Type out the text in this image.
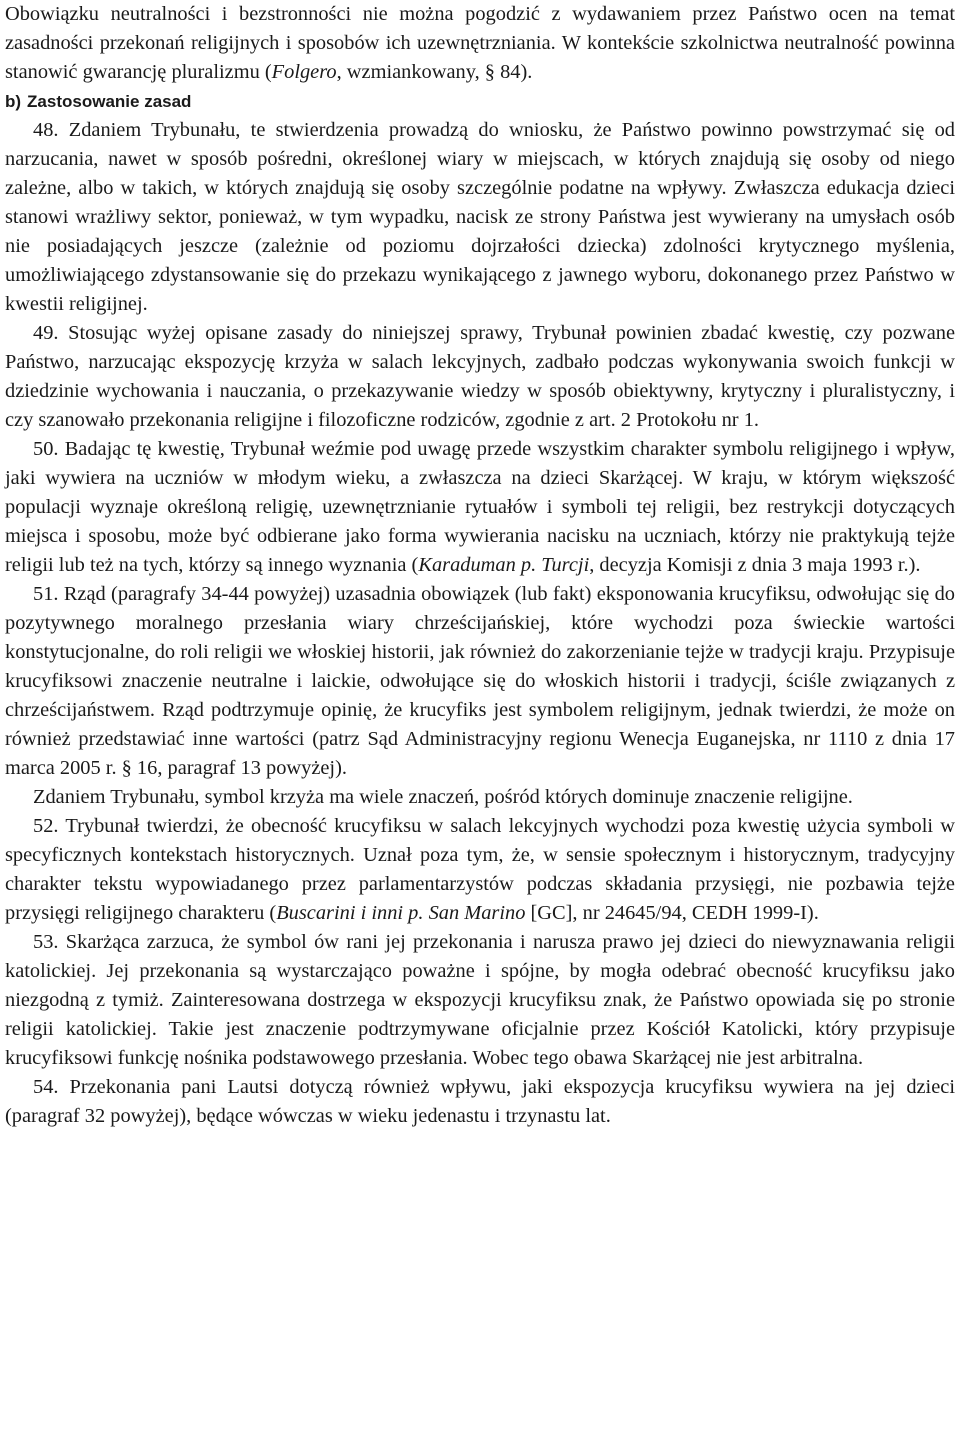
Obowiązku neutralności i bezstronności nie można pogodzić z wydawaniem przez Państwo ocen na temat zasadności przekonań religijnych i sposobów ich uzewnętrzniania. W kontekście szkolnictwa neutralność powinna stanowić gwarancję pluralizmu (Folgero, wzmiankowany, § 84).

b) Zastosowanie zasad

48. Zdaniem Trybunału, te stwierdzenia prowadzą do wniosku, że Państwo powinno powstrzymać się od narzucania, nawet w sposób pośredni, określonej wiary w miejscach, w których znajdują się osoby od niego zależne, albo w takich, w których znajdują się osoby szczególnie podatne na wpływy. Zwłaszcza edukacja dzieci stanowi wrażliwy sektor, ponieważ, w tym wypadku, nacisk ze strony Państwa jest wywierany na umysłach osób nie posiadających jeszcze (zależnie od poziomu dojrzałości dziecka) zdolności krytycznego myślenia, umożliwiającego zdystansowanie się do przekazu wynikającego z jawnego wyboru, dokonanego przez Państwo w kwestii religijnej.

49. Stosując wyżej opisane zasady do niniejszej sprawy, Trybunał powinien zbadać kwestię, czy pozwane Państwo, narzucając ekspozycję krzyża w salach lekcyjnych, zadbało podczas wykonywania swoich funkcji w dziedzinie wychowania i nauczania, o przekazywanie wiedzy w sposób obiektywny, krytyczny i pluralistyczny, i czy szanowało przekonania religijne i filozoficzne rodziców, zgodnie z art. 2 Protokołu nr 1.

50. Badając tę kwestię, Trybunał weźmie pod uwagę przede wszystkim charakter symbolu religijnego i wpływ, jaki wywiera na uczniów w młodym wieku, a zwłaszcza na dzieci Skarżącej. W kraju, w którym większość populacji wyznaje określoną religię, uzewnętrznianie rytuałów i symboli tej religii, bez restrykcji dotyczących miejsca i sposobu, może być odbierane jako forma wywierania nacisku na uczniach, którzy nie praktykują tejże religii lub też na tych, którzy są innego wyznania (Karaduman p. Turcji, decyzja Komisji z dnia 3 maja 1993 r.).

51. Rząd (paragrafy 34-44 powyżej) uzasadnia obowiązek (lub fakt) eksponowania krucyfiksu, odwołując się do pozytywnego moralnego przesłania wiary chrześcijańskiej, które wychodzi poza świeckie wartości konstytucjonalne, do roli religii we włoskiej historii, jak również do zakorzenianie tejże w tradycji kraju. Przypisuje krucyfiksowi znaczenie neutralne i laickie, odwołujące się do włoskich historii i tradycji, ściśle związanych z chrześcijaństwem. Rząd podtrzymuje opinię, że krucyfiks jest symbolem religijnym, jednak twierdzi, że może on również przedstawiać inne wartości (patrz Sąd Administracyjny regionu Wenecja Euganejska, nr 1110 z dnia 17 marca 2005 r. § 16, paragraf 13 powyżej).

Zdaniem Trybunału, symbol krzyża ma wiele znaczeń, pośród których dominuje znaczenie religijne.

52. Trybunał twierdzi, że obecność krucyfiksu w salach lekcyjnych wychodzi poza kwestię użycia symboli w specyficznych kontekstach historycznych. Uznał poza tym, że, w sensie społecznym i historycznym, tradycyjny charakter tekstu wypowiadanego przez parlamentarzystów podczas składania przysięgi, nie pozbawia tejże przysięgi religijnego charakteru (Buscarini i inni p. San Marino [GC], nr 24645/94, CEDH 1999-I).

53. Skarżąca zarzuca, że symbol ów rani jej przekonania i narusza prawo jej dzieci do niewyznawania religii katolickiej. Jej przekonania są wystarczająco poważne i spójne, by mogła odebrać obecność krucyfiksu jako niezgodną z tymiż. Zainteresowana dostrzega w ekspozycji krucyfiksu znak, że Państwo opowiada się po stronie religii katolickiej. Takie jest znaczenie podtrzymywane oficjalnie przez Kościół Katolicki, który przypisuje krucyfiksowi funkcję nośnika podstawowego przesłania. Wobec tego obawa Skarżącej nie jest arbitralna.

54. Przekonania pani Lautsi dotyczą również wpływu, jaki ekspozycja krucyfiksu wywiera na jej dzieci (paragraf 32 powyżej), będące wówczas w wieku jedenastu i trzynastu lat.
